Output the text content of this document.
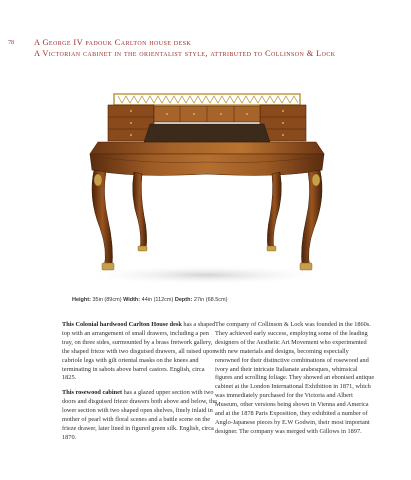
78 A George IV padouk Carlton house desk
A Victorian cabinet in the orientalist style, attributed to Collinson & Lock
Height: 35in (89cm) Width: 44in (112cm) Depth: 27in (68.5cm)

This Colonial hardwood Carlton House desk has a shaped top with an arrangement of small drawers, including a pen tray, on three sides, surmounted by a brass fretwork gallery, the shaped frieze with two disguised drawers, all raised upon cabriole legs with gilt oriental masks on the knees and terminating in sabots above barrel castors. English, circa 1825.

This rosewood cabinet has a glazed upper section with two doors and disguised frieze drawers both above and below, the lower section with two shaped open shelves, finely inlaid in mother of pearl with floral scenes and a battle scene on the frieze drawer, later lined in figured green silk. English, circa 1870.

The company of Collinson & Lock was founded in the 1860s. They achieved early success, employing some of the leading designers of the Aesthetic Art Movement who experimented with new materials and designs, becoming especially renowned for their distinctive combinations of rosewood and ivory and their intricate Italianate arabesques, whimsical figures and scrolling foliage. They showed an ebonised antique cabinet at the London International Exhibition in 1871, which was immediately purchased for the Victoria and Albert Museum, other versions being shown in Vienna and America and at the 1878 Paris Exposition, they exhibited a number of Anglo-Japanese pieces by E.W Godwin, their most important designer. The company was merged with Gillows in 1897.
